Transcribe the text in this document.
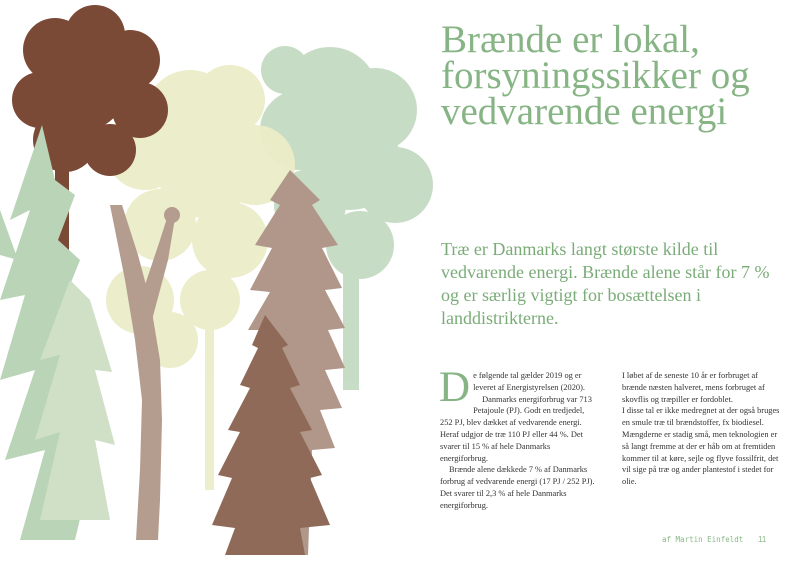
Brænde er lokal, forsyningssikker og vedvarende energi

Træ er Danmarks langt største kilde til vedvarende energi. Brænde alene står for 7 % og er særlig vigtigt for bosættelsen i landdistrikterne.

De følgende tal gælder 2019 og er leveret af Energistyrelsen (2020).

Danmarks energiforbrug var 713 Petajoule (PJ). Godt en tredjedel, 252 PJ, blev dækket af vedvarende energi. Heraf udgjor de træ 110 PJ eller 44 %. Det svarer til 15 % af hele Danmarks energiforbrug.

Brænde alene dækkede 7 % af Danmarks forbrug af vedvarende energi (17 PJ / 252 PJ). Det svarer til 2,3 % af hele Danmarks energiforbrug.

I løbet af de seneste 10 år er forbruget af brænde næsten halveret, mens forbruget af skovflis og træpiller er fordoblet.

I disse tal er ikke medregnet at der også bruges en smule træ til brændstoffer, fx biodiesel. Mængderne er stadig små, men teknologien er så langt fremme at der er håb om at fremtiden kommer til at køre, sejle og flyve fossilfrit, det vil sige på træ og ander plantestof i stedet for olie.

af Martin Einfeldt 11
